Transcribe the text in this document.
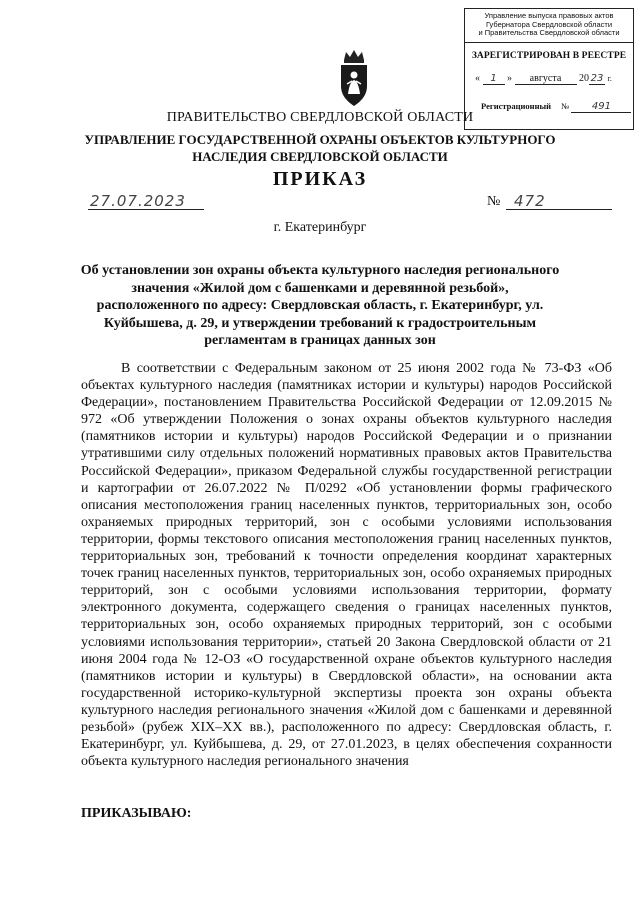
Управление выпуска правовых актов
Губернатора Свердловской области
и Правительства Свердловской области
ЗАРЕГИСТРИРОВАН В РЕЕСТРЕ
« 1 » августа 20 23 г.
Регистрационный № 491
ПРАВИТЕЛЬСТВО СВЕРДЛОВСКОЙ ОБЛАСТИ
УПРАВЛЕНИЕ ГОСУДАРСТВЕННОЙ ОХРАНЫ ОБЪЕКТОВ КУЛЬТУРНОГО НАСЛЕДИЯ СВЕРДЛОВСКОЙ ОБЛАСТИ
ПРИКАЗ
27.07.2023	№ 472
г. Екатеринбург
Об установлении зон охраны объекта культурного наследия регионального значения «Жилой дом с башенками и деревянной резьбой», расположенного по адресу: Свердловская область, г. Екатеринбург, ул. Куйбышева, д. 29, и утверждении требований к градостроительным регламентам в границах данных зон
В соответствии с Федеральным законом от 25 июня 2002 года № 73-ФЗ «Об объектах культурного наследия (памятниках истории и культуры) народов Российской Федерации», постановлением Правительства Российской Федерации от 12.09.2015 № 972 «Об утверждении Положения о зонах охраны объектов культурного наследия (памятников истории и культуры) народов Российской Федерации и о признании утратившими силу отдельных положений нормативных правовых актов Правительства Российской Федерации», приказом Федеральной службы государственной регистрации и картографии от 26.07.2022 № П/0292 «Об установлении формы графического описания местоположения границ населенных пунктов, территориальных зон, особо охраняемых природных территорий, зон с особыми условиями использования территории, формы текстового описания местоположения границ населенных пунктов, территориальных зон, требований к точности определения координат характерных точек границ населенных пунктов, территориальных зон, особо охраняемых природных территорий, зон с особыми условиями использования территории, формату электронного документа, содержащего сведения о границах населенных пунктов, территориальных зон, особо охраняемых природных территорий, зон с особыми условиями использования территории», статьей 20 Закона Свердловской области от 21 июня 2004 года № 12-ОЗ «О государственной охране объектов культурного наследия (памятников истории и культуры) в Свердловской области», на основании акта государственной историко-культурной экспертизы проекта зон охраны объекта культурного наследия регионального значения «Жилой дом с башенками и деревянной резьбой» (рубеж XIX–XX вв.), расположенного по адресу: Свердловская область, г. Екатеринбург, ул. Куйбышева, д. 29, от 27.01.2023, в целях обеспечения сохранности объекта культурного наследия регионального значения
ПРИКАЗЫВАЮ:
